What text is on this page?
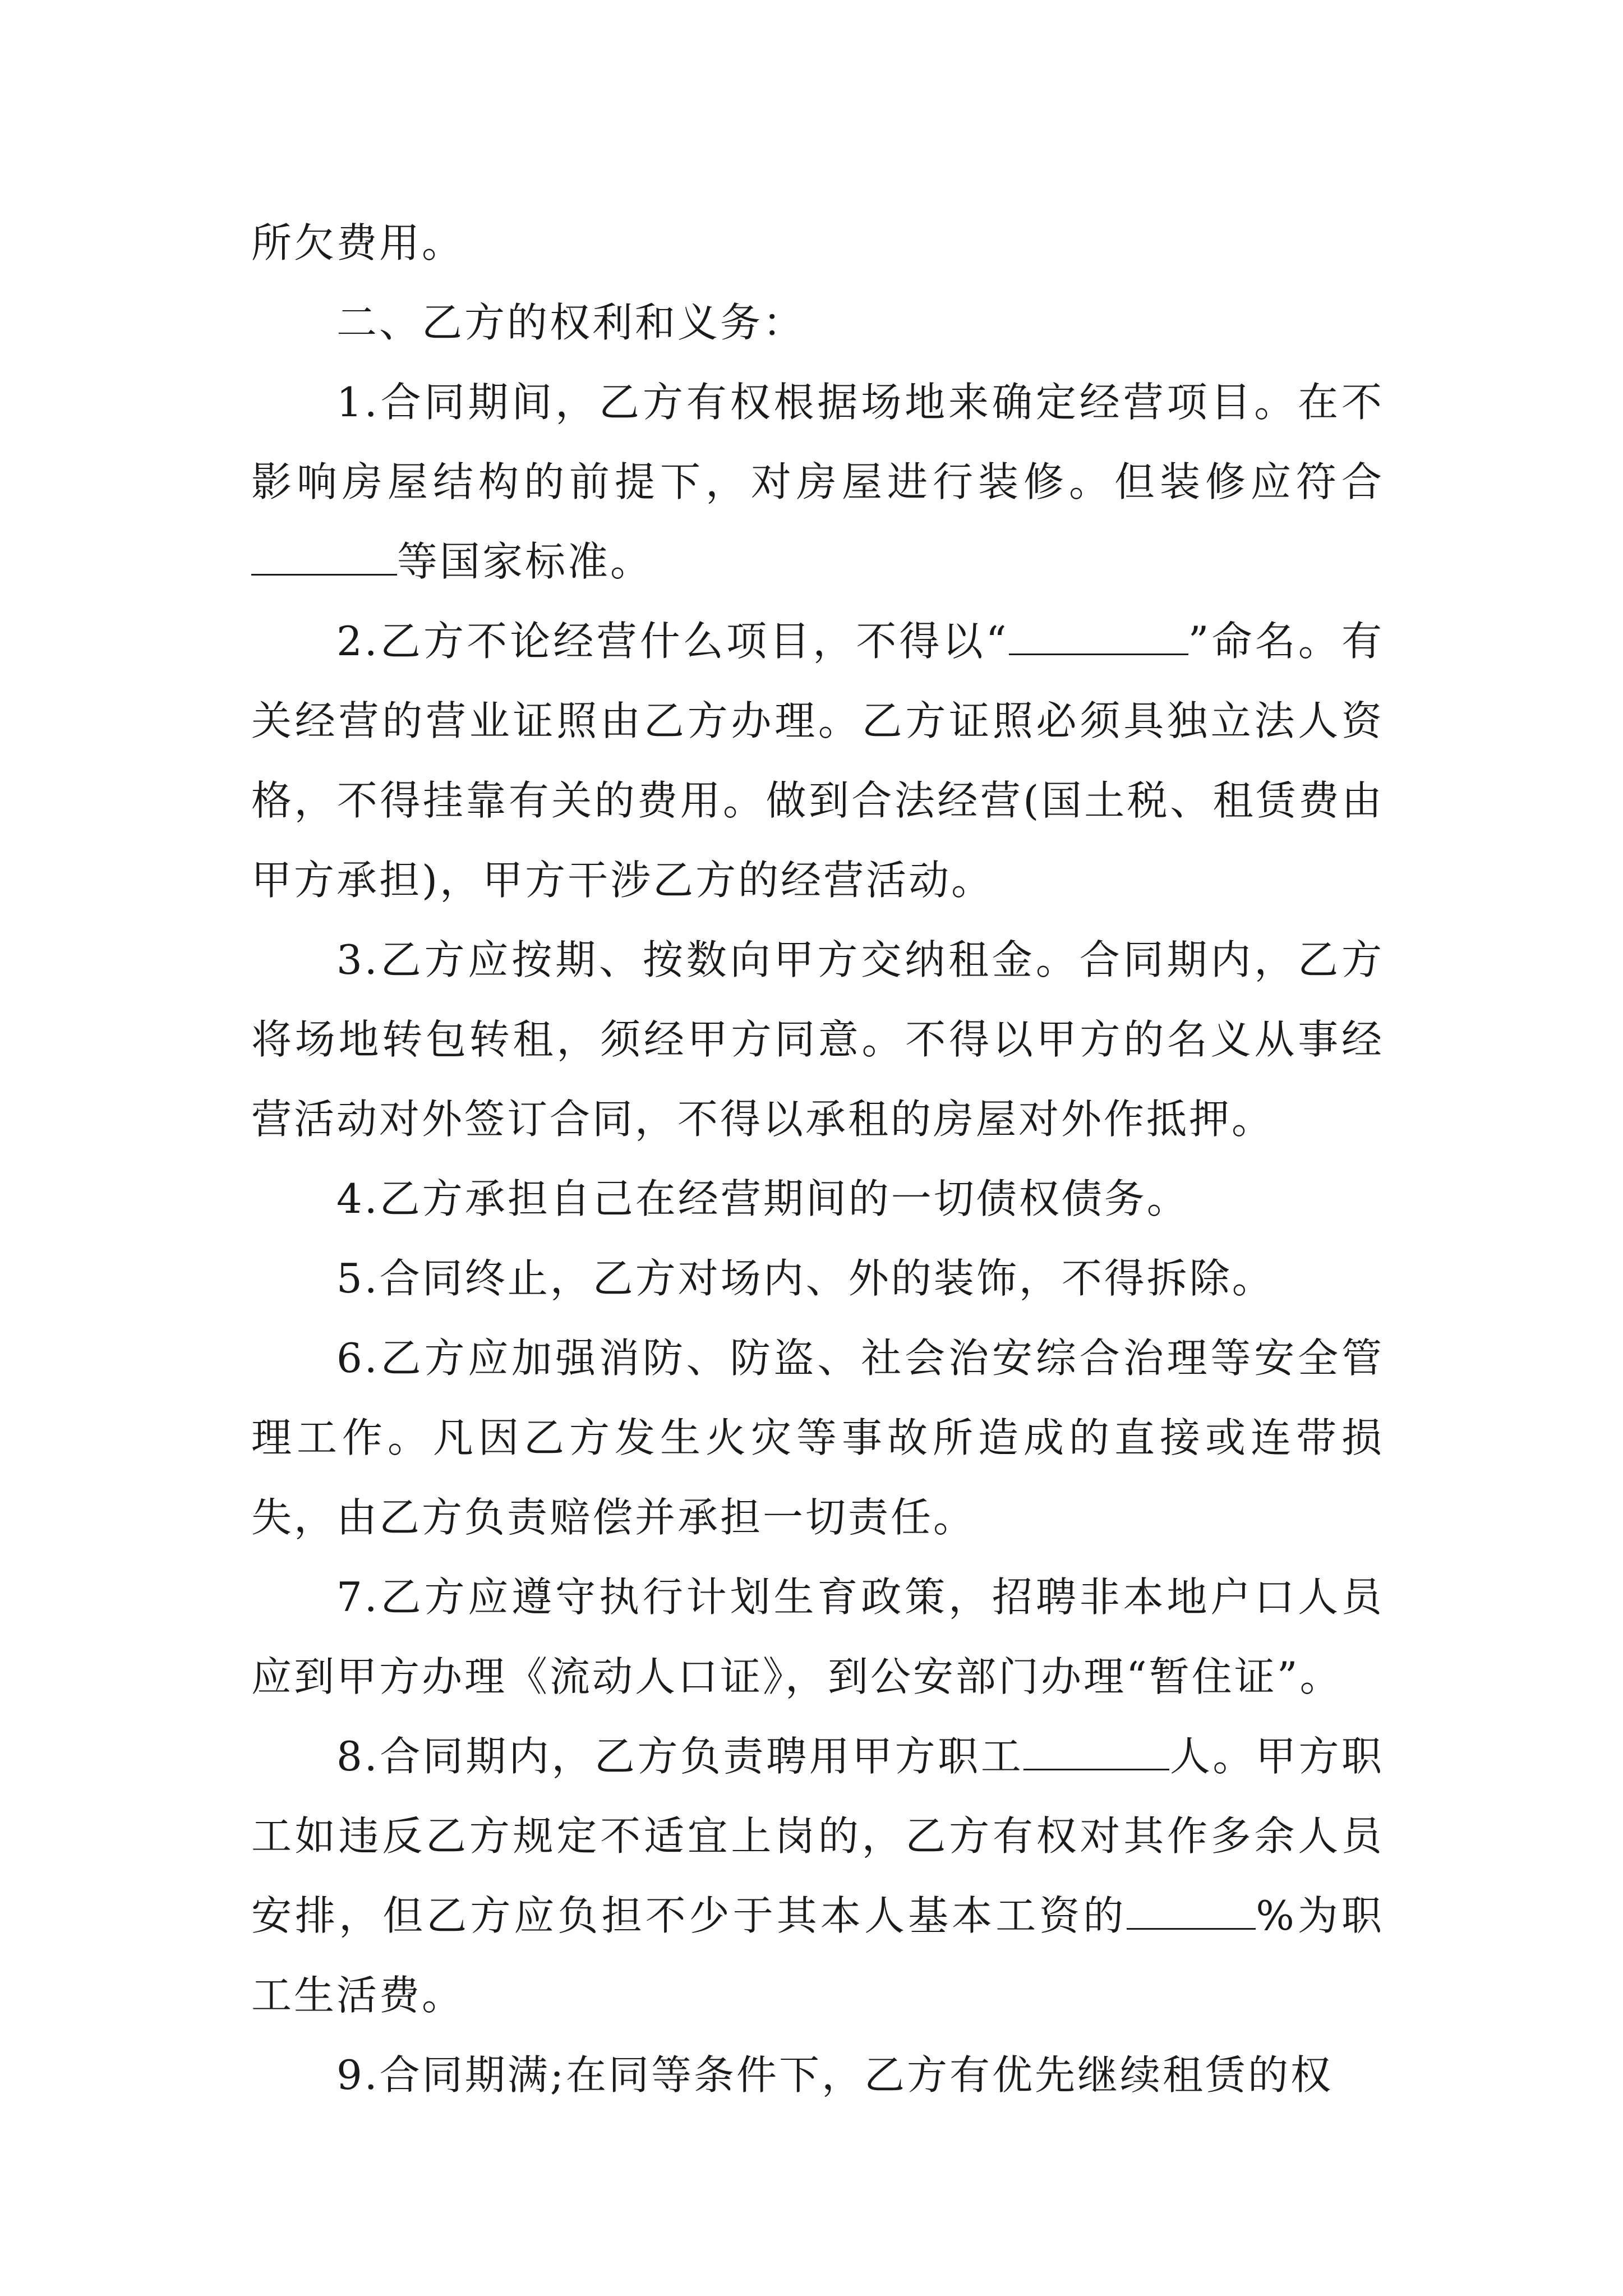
所欠费用。

二、乙方的权利和义务：

1.合同期间，乙方有权根据场地来确定经营项目。在不影响房屋结构的前提下，对房屋进行装修。但装修应符合等国家标准。

2.乙方不论经营什么项目，不得以“	”命名。有关经营的营业证照由乙方办理。乙方证照必须具独立法人资格，不得挂靠有关的费用。做到合法经营(国土税、租赁费由甲方承担)，甲方干涉乙方的经营活动。

3.乙方应按期、按数向甲方交纳租金。合同期内，乙方将场地转包转租，须经甲方同意。不得以甲方的名义从事经营活动对外签订合同，不得以承租的房屋对外作抵押。

4.乙方承担自己在经营期间的一切债权债务。

5.合同终止，乙方对场内、外的装饰，不得拆除。

6.乙方应加强消防、防盗、社会治安综合治理等安全管理工作。凡因乙方发生火灾等事故所造成的直接或连带损失，由乙方负责赔偿并承担一切责任。

7.乙方应遵守执行计划生育政策，招聘非本地户口人员应到甲方办理《流动人口证》，到公安部门办理“暂住证”。

8.合同期内，乙方负责聘用甲方职工	人。甲方职工如违反乙方规定不适宜上岗的，乙方有权对其作多余人员安排，但乙方应负担不少于其本人基本工资的	%为职工生活费。

9.合同期满;在同等条件下，乙方有优先继续租赁的权
